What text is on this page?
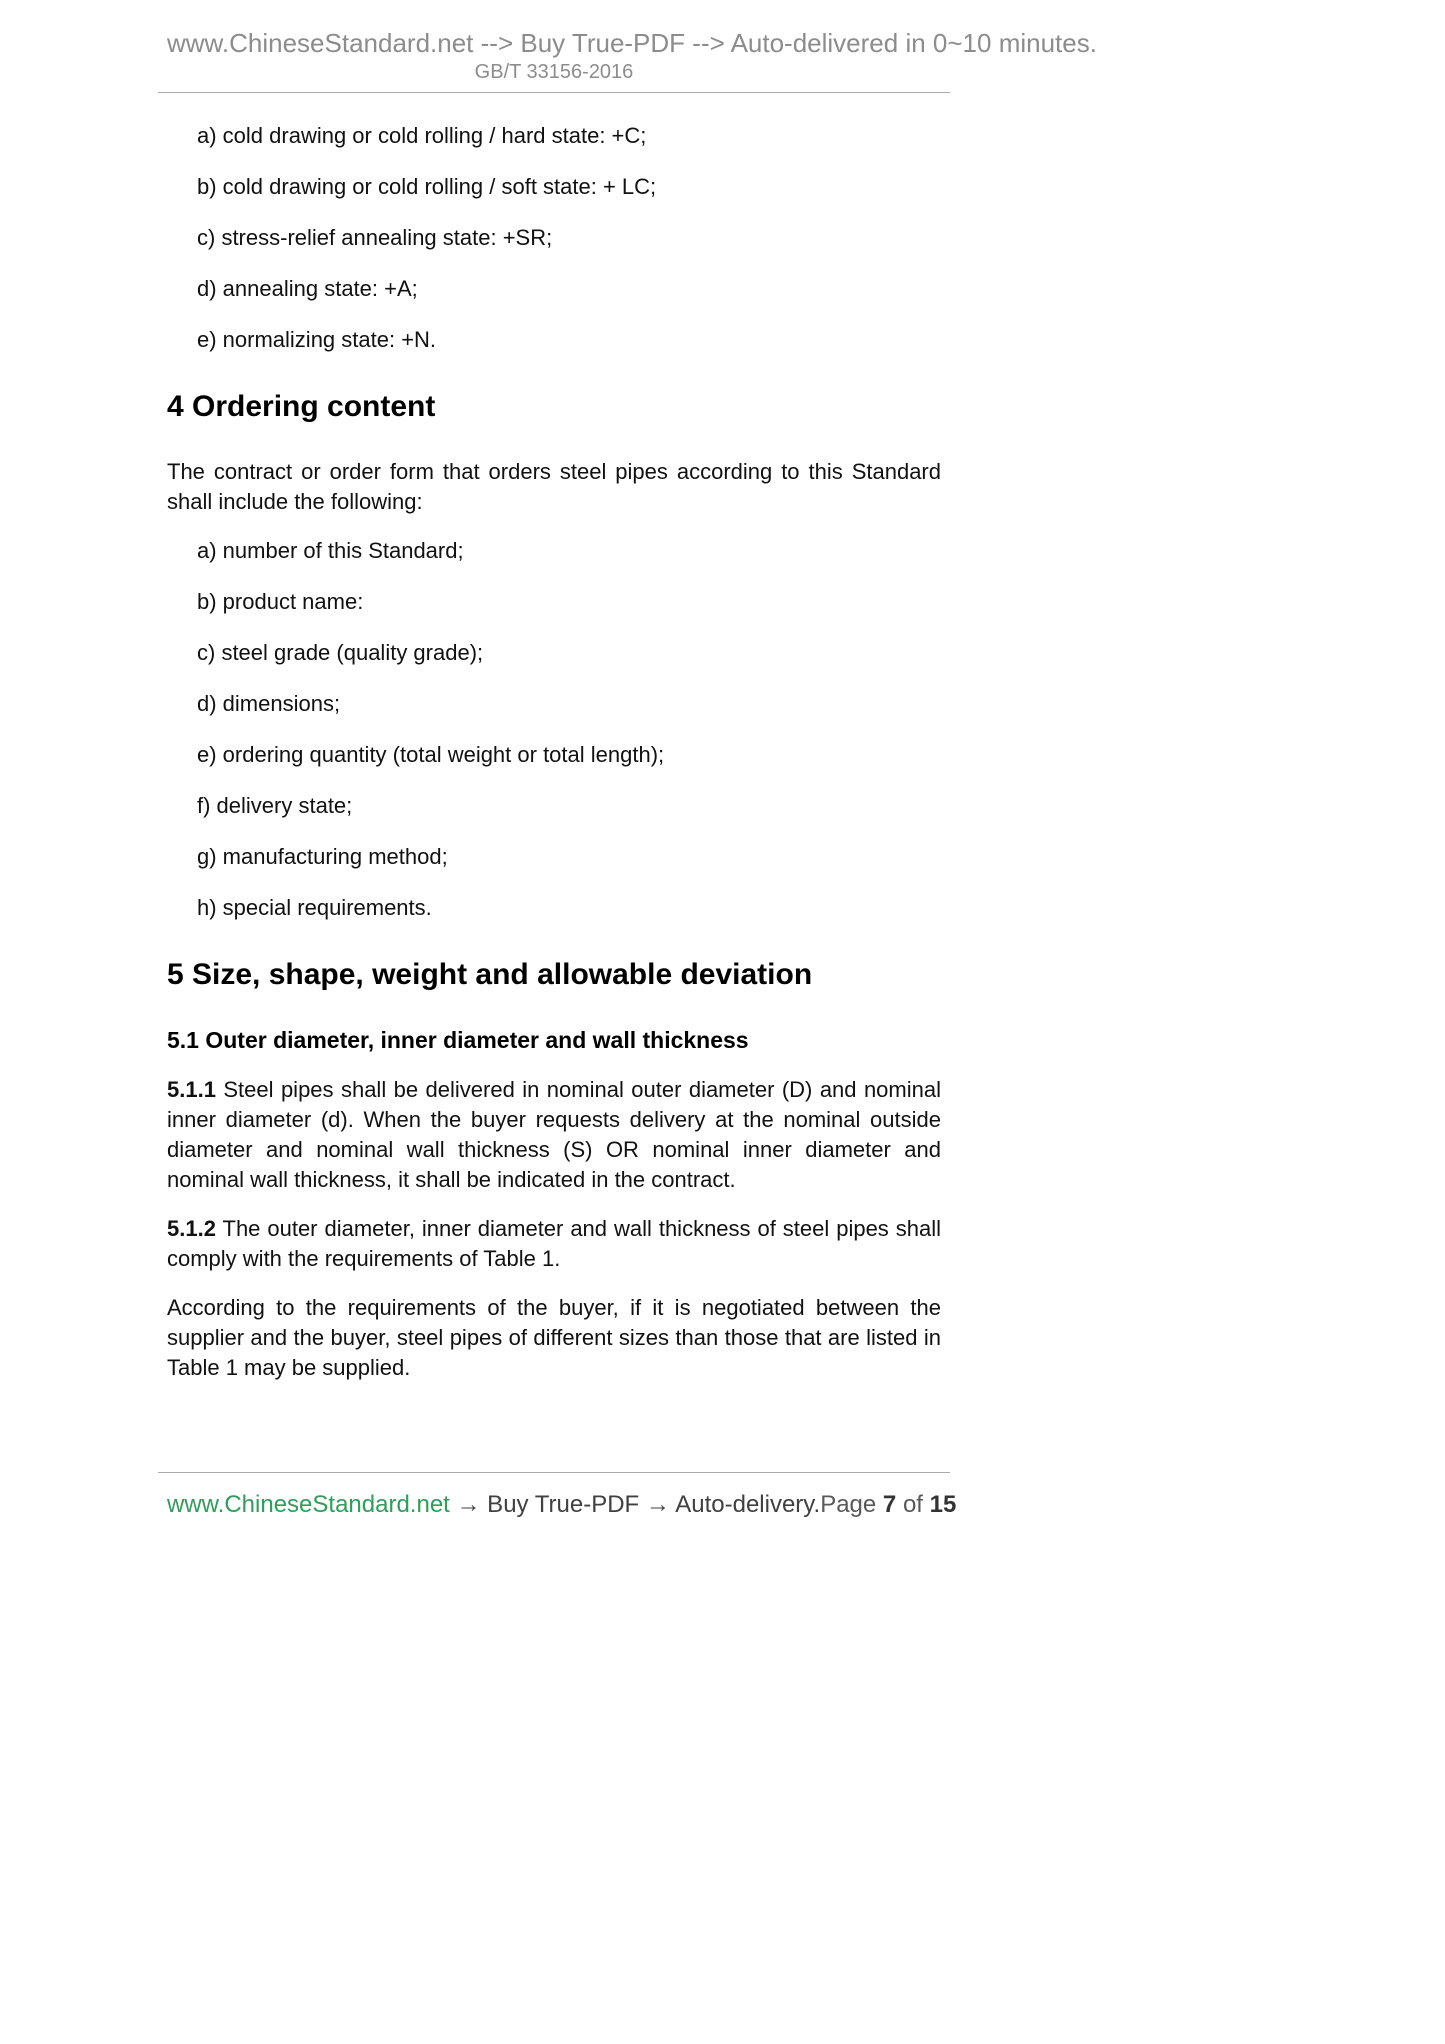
www.ChineseStandard.net --> Buy True-PDF --> Auto-delivered in 0~10 minutes.
GB/T 33156-2016
a) cold drawing or cold rolling / hard state: +C;
b) cold drawing or cold rolling / soft state: + LC;
c) stress-relief annealing state: +SR;
d) annealing state: +A;
e) normalizing state: +N.
4 Ordering content

The contract or order form that orders steel pipes according to this Standard shall include the following:

a) number of this Standard;
b) product name:
c) steel grade (quality grade);
d) dimensions;
e) ordering quantity (total weight or total length);
f) delivery state;
g) manufacturing method;
h) special requirements.
5 Size, shape, weight and allowable deviation
5.1 Outer diameter, inner diameter and wall thickness

5.1.1 Steel pipes shall be delivered in nominal outer diameter (D) and nominal inner diameter (d). When the buyer requests delivery at the nominal outside diameter and nominal wall thickness (S) OR nominal inner diameter and nominal wall thickness, it shall be indicated in the contract.

5.1.2 The outer diameter, inner diameter and wall thickness of steel pipes shall comply with the requirements of Table 1.

According to the requirements of the buyer, if it is negotiated between the supplier and the buyer, steel pipes of different sizes than those that are listed in Table 1 may be supplied.

www.ChineseStandard.net → Buy True-PDF → Auto-delivery. Page 7 of 15
